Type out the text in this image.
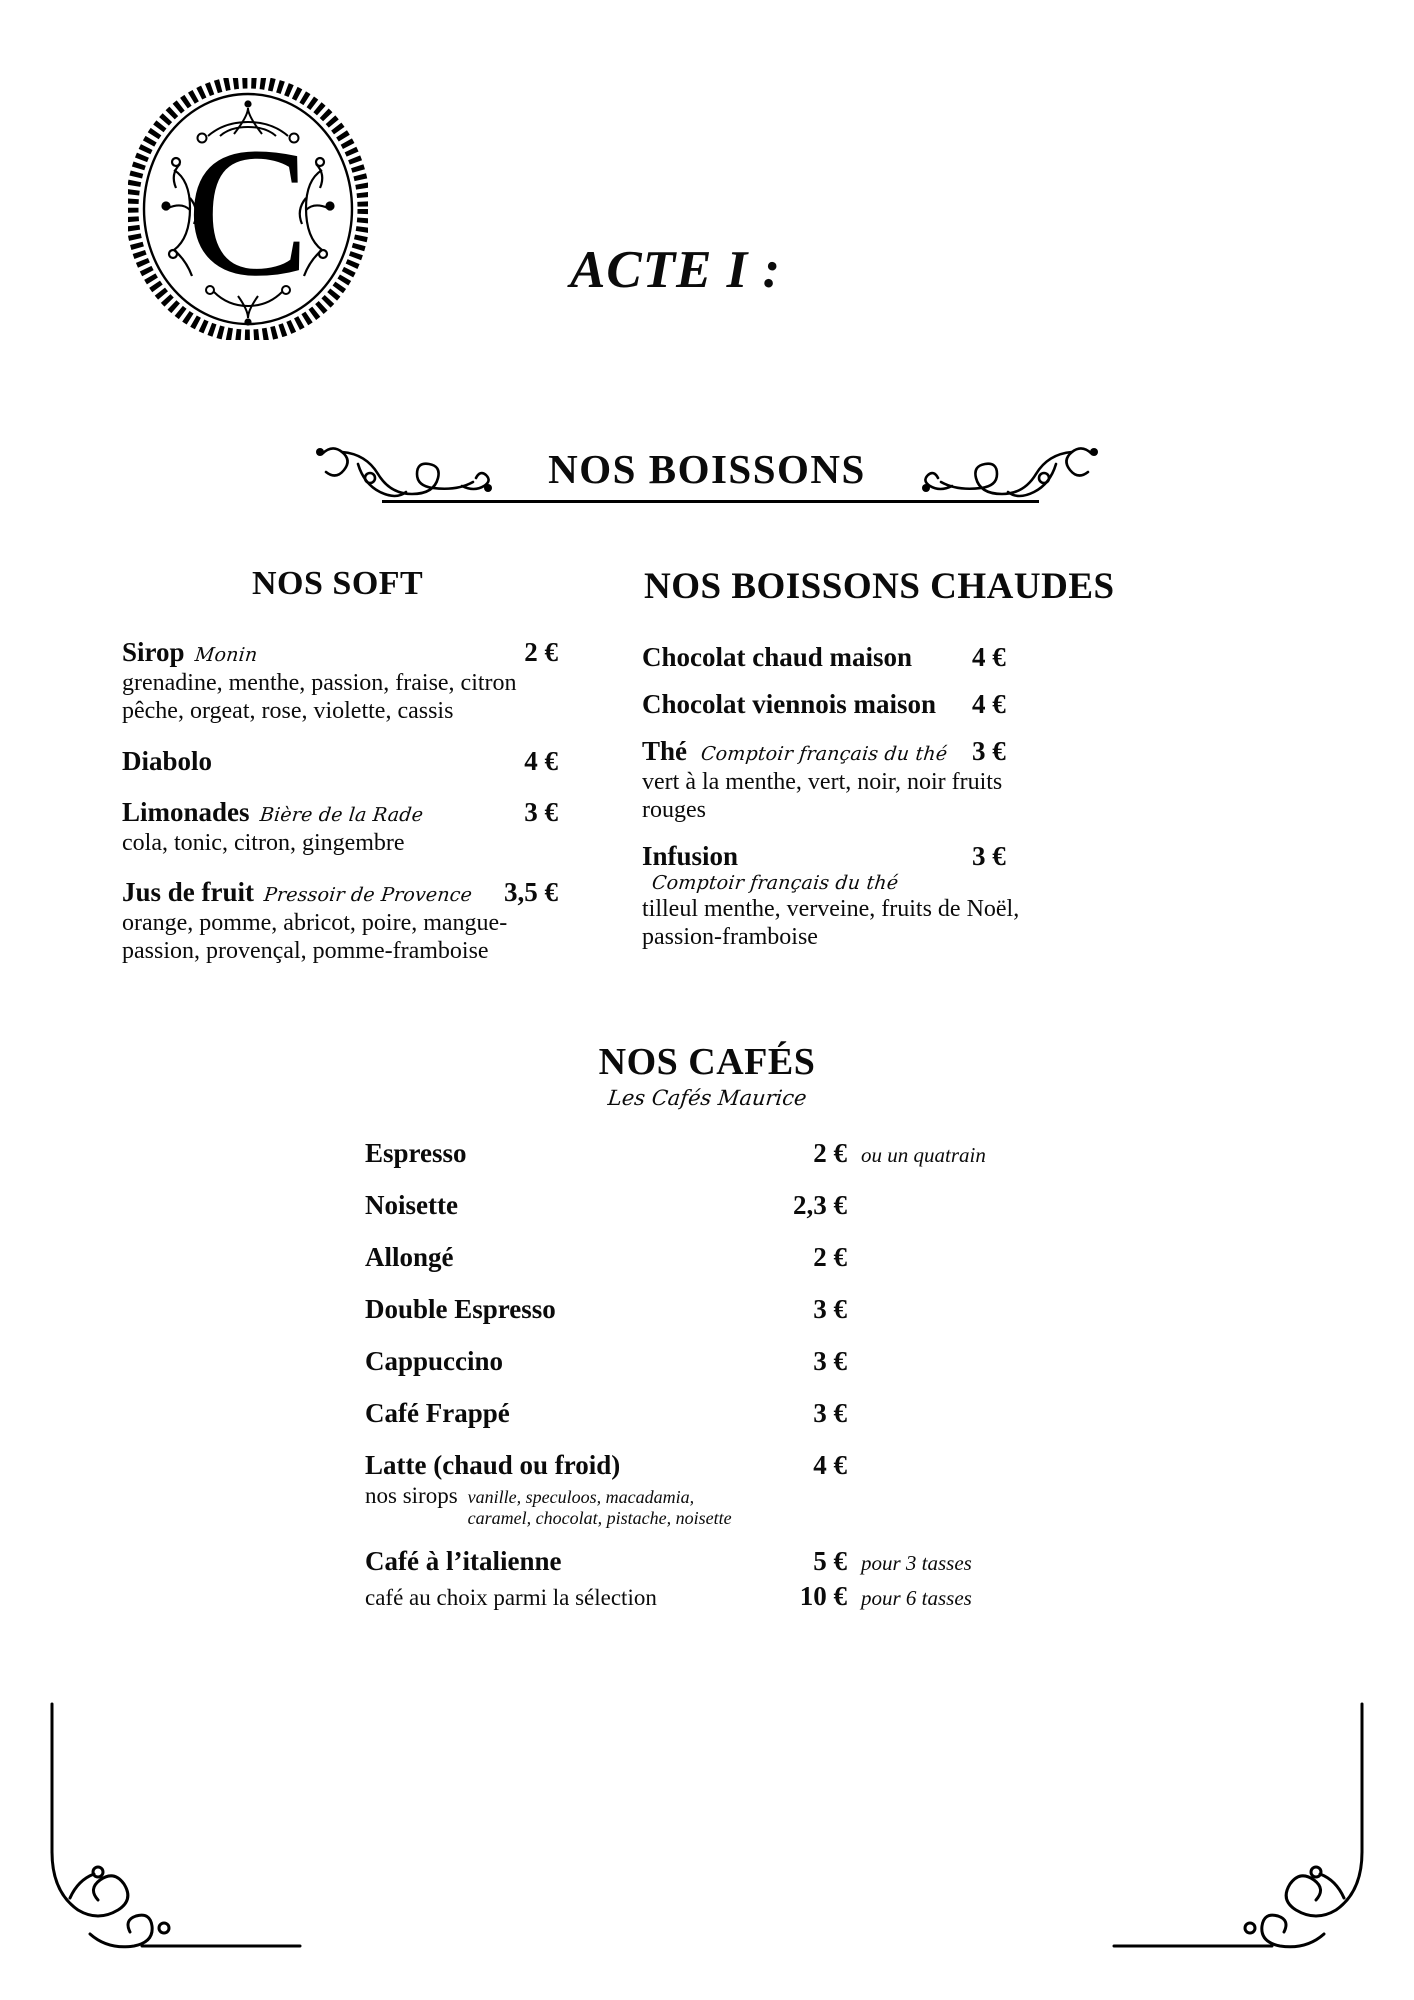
C	ACTE I :
NOS BOISSONS
NOS SOFT
Sirop Monin	2 €
grenadine, menthe, passion, fraise, citron pêche, orgeat, rose, violette, cassis
Diabolo	4 €
Limonades Bière de la Rade	3 €
cola, tonic, citron, gingembre
Jus de fruit Pressoir de Provence 3,5 €
orange, pomme, abricot, poire, mangue-passion, provençal, pomme-framboise
NOS BOISSONS CHAUDES
Chocolat chaud maison	4 €
Chocolat viennois maison	4 €
Thé Comptoir français du thé 3 €
vert à la menthe, vert, noir, noir fruits rouges
Infusion Comptoir français du thé
3 €
tilleul menthe, verveine, fruits de Noël, passion-framboise
NOS CAFÉS
Les Cafés Maurice
Espresso	2 € ou un quatrain
Noisette	2,3 €
Allongé	2 €
Double Espresso	3 €
Cappuccino	3 €
Café Frappé	3 €
Latte (chaud ou froid)	4 €
nos sirops vanille, speculoos, macadamia,
caramel, chocolat, pistache, noisette
Café à l’italienne	5 € pour 3 tasses
café au choix parmi la sélection	10 € pour 6 tasses
